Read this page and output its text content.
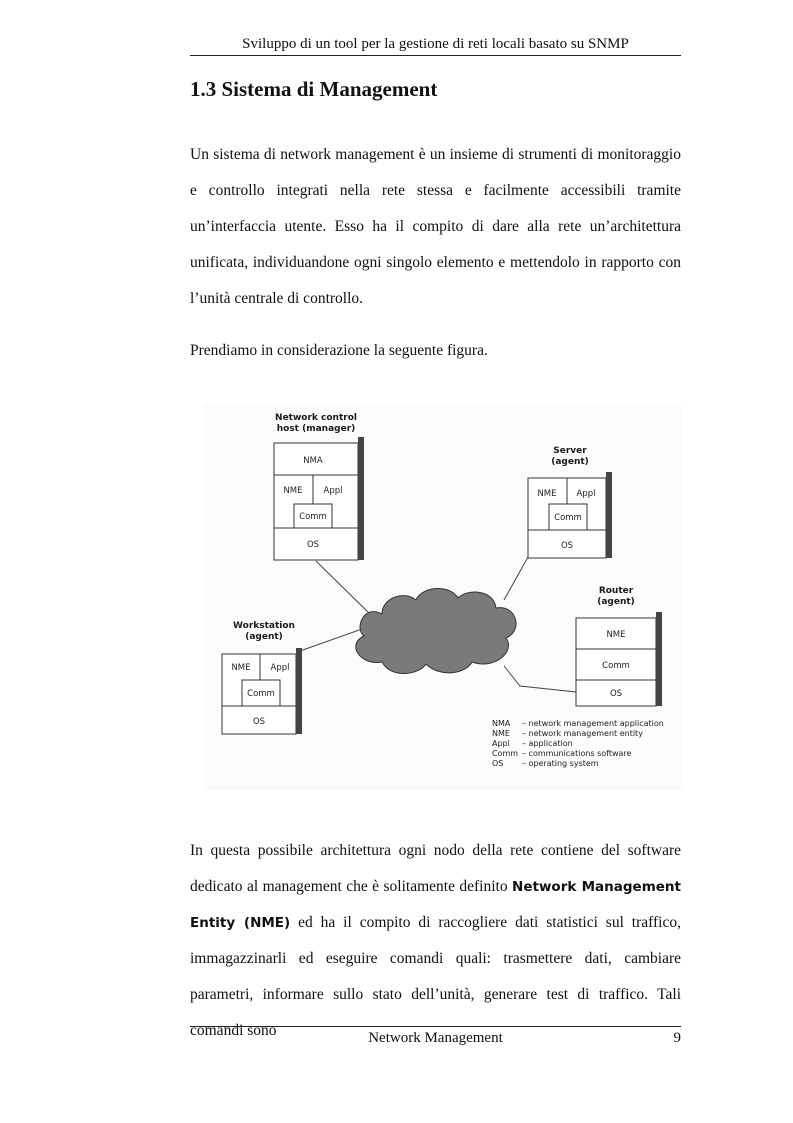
Sviluppo di un tool per la gestione di reti locali basato su SNMP
1.3 Sistema di Management

Un sistema di network management è un insieme di strumenti di monitoraggio e controllo integrati nella rete stessa e facilmente accessibili tramite un’interfaccia utente. Esso ha il compito di dare alla rete un’architettura unificata, individuandone ogni singolo elemento e mettendolo in rapporto con l’unità centrale di controllo.

Prendiamo in considerazione la seguente figura.

Network control
host (manager)
NMA
NME Appl
Comm
OS
Server
(agent)
NME Appl
Comm
OS
Router
(agent)
NME
Comm
OS
Workstation
(agent)
NME Appl
Comm
OS	NMA – network management application
NME – network management entity
Appl – application
Comm – communications software
OS – operating system

In questa possibile architettura ogni nodo della rete contiene del software dedicato al management che è solitamente definito Network Management Entity (NME) ed ha il compito di raccogliere dati statistici sul traffico, immagazzinarli ed eseguire comandi quali: trasmettere dati, cambiare parametri, informare sullo stato dell’unità, generare test di traffico. Tali comandi sono	Network Management	9
